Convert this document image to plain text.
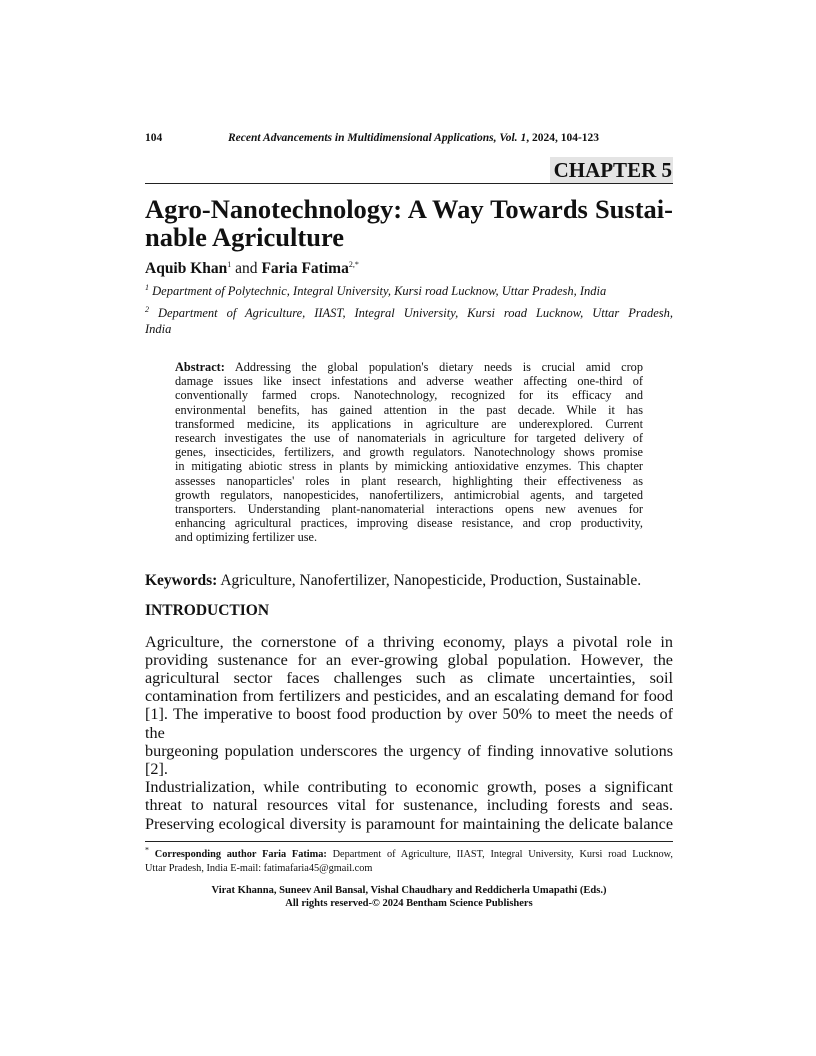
104	Recent Advancements in Multidimensional Applications, Vol. 1, 2024, 104-123
CHAPTER 5
Agro-Nanotechnology: A Way Towards Sustai-
nable Agriculture
Aquib Khan$^1$ and Faria Fatima$^{2,*}$
$^1$ Department of Polytechnic, Integral University, Kursi road Lucknow, Uttar Pradesh, India
$^2$ Department of Agriculture, IIAST, Integral University, Kursi road Lucknow, Uttar Pradesh,
India
Abstract: Addressing the global population's dietary needs is crucial amid crop
damage issues like insect infestations and adverse weather affecting one-third of
conventionally farmed crops. Nanotechnology, recognized for its efficacy and
environmental benefits, has gained attention in the past decade. While it has
transformed medicine, its applications in agriculture are underexplored. Current
research investigates the use of nanomaterials in agriculture for targeted delivery of
genes, insecticides, fertilizers, and growth regulators. Nanotechnology shows promise
in mitigating abiotic stress in plants by mimicking antioxidative enzymes. This chapter
assesses nanoparticles' roles in plant research, highlighting their effectiveness as
growth regulators, nanopesticides, nanofertilizers, antimicrobial agents, and targeted
transporters. Understanding plant-nanomaterial interactions opens new avenues for
enhancing agricultural practices, improving disease resistance, and crop productivity,
and optimizing fertilizer use.
Keywords: Agriculture, Nanofertilizer, Nanopesticide, Production, Sustainable.
INTRODUCTION
Agriculture, the cornerstone of a thriving economy, plays a pivotal role in
providing sustenance for an ever-growing global population. However, the
agricultural sector faces challenges such as climate uncertainties, soil
contamination from fertilizers and pesticides, and an escalating demand for food
[1]. The imperative to boost food production by over 50% to meet the needs of the
burgeoning population underscores the urgency of finding innovative solutions [2].
Industrialization, while contributing to economic growth, poses a significant
threat to natural resources vital for sustenance, including forests and seas.
Preserving ecological diversity is paramount for maintaining the delicate balance
* Corresponding author Faria Fatima: Department of Agriculture, IIAST, Integral University, Kursi road Lucknow,
Uttar Pradesh, India E-mail: fatimafaria45@gmail.com
Virat Khanna, Suneev Anil Bansal, Vishal Chaudhary and Reddicherla Umapathi (Eds.)
All rights reserved-© 2024 Bentham Science Publishers
